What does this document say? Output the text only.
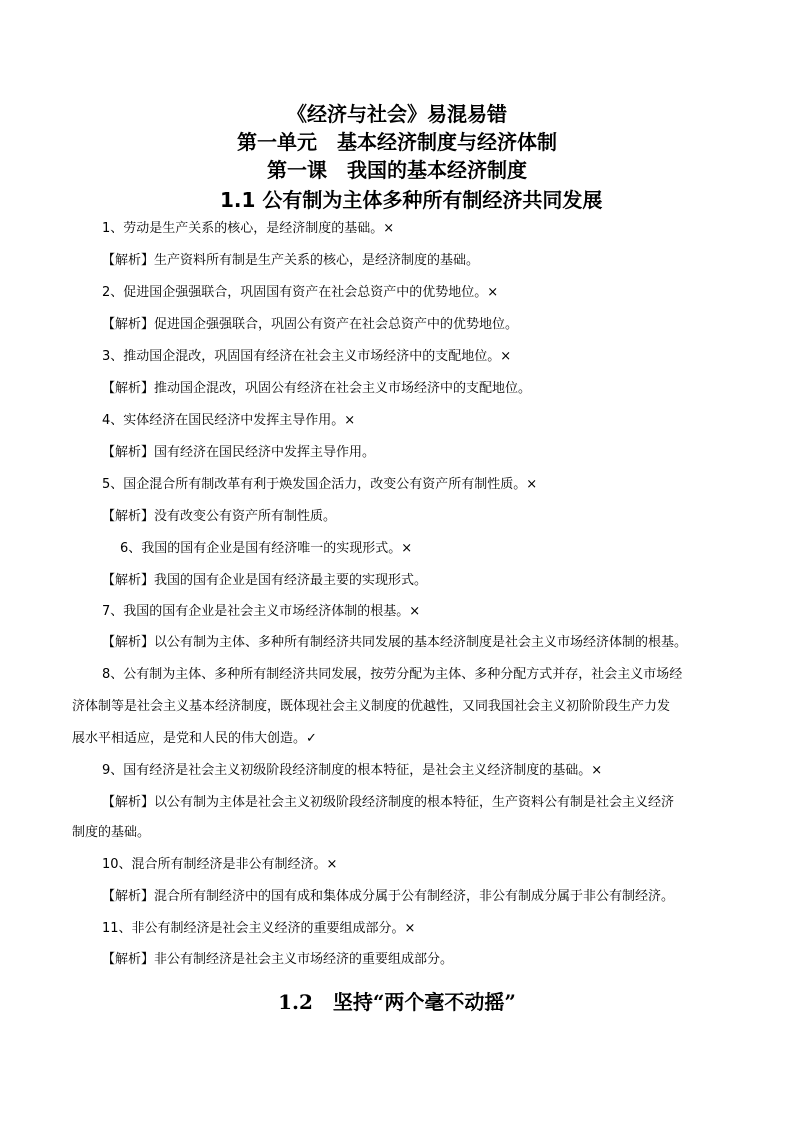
《经济与社会》易混易错
第一单元　基本经济制度与经济体制
第一课　我国的基本经济制度
1.1 公有制为主体多种所有制经济共同发展
1、劳动是生产关系的核心，是经济制度的基础。×
【解析】生产资料所有制是生产关系的核心，是经济制度的基础。
2、促进国企强强联合，巩固国有资产在社会总资产中的优势地位。×
【解析】促进国企强强联合，巩固公有资产在社会总资产中的优势地位。
3、推动国企混改，巩固国有经济在社会主义市场经济中的支配地位。×
【解析】推动国企混改，巩固公有经济在社会主义市场经济中的支配地位。
4、实体经济在国民经济中发挥主导作用。×
【解析】国有经济在国民经济中发挥主导作用。
5、国企混合所有制改革有利于焕发国企活力，改变公有资产所有制性质。×
【解析】没有改变公有资产所有制性质。
6、我国的国有企业是国有经济唯一的实现形式。×
【解析】我国的国有企业是国有经济最主要的实现形式。
7、我国的国有企业是社会主义市场经济体制的根基。×
【解析】以公有制为主体、多种所有制经济共同发展的基本经济制度是社会主义市场经济体制的根基。
8、公有制为主体、多种所有制经济共同发展，按劳分配为主体、多种分配方式并存，社会主义市场经
济体制等是社会主义基本经济制度，既体现社会主义制度的优越性，又同我国社会主义初阶阶段生产力发
展水平相适应，是党和人民的伟大创造。✓
9、国有经济是社会主义初级阶段经济制度的根本特征，是社会主义经济制度的基础。×
【解析】以公有制为主体是社会主义初级阶段经济制度的根本特征，生产资料公有制是社会主义经济
制度的基础。
10、混合所有制经济是非公有制经济。×
【解析】混合所有制经济中的国有成和集体成分属于公有制经济，非公有制成分属于非公有制经济。
11、非公有制经济是社会主义经济的重要组成部分。×
【解析】非公有制经济是社会主义市场经济的重要组成部分。
1.2　坚持“两个毫不动摇”
